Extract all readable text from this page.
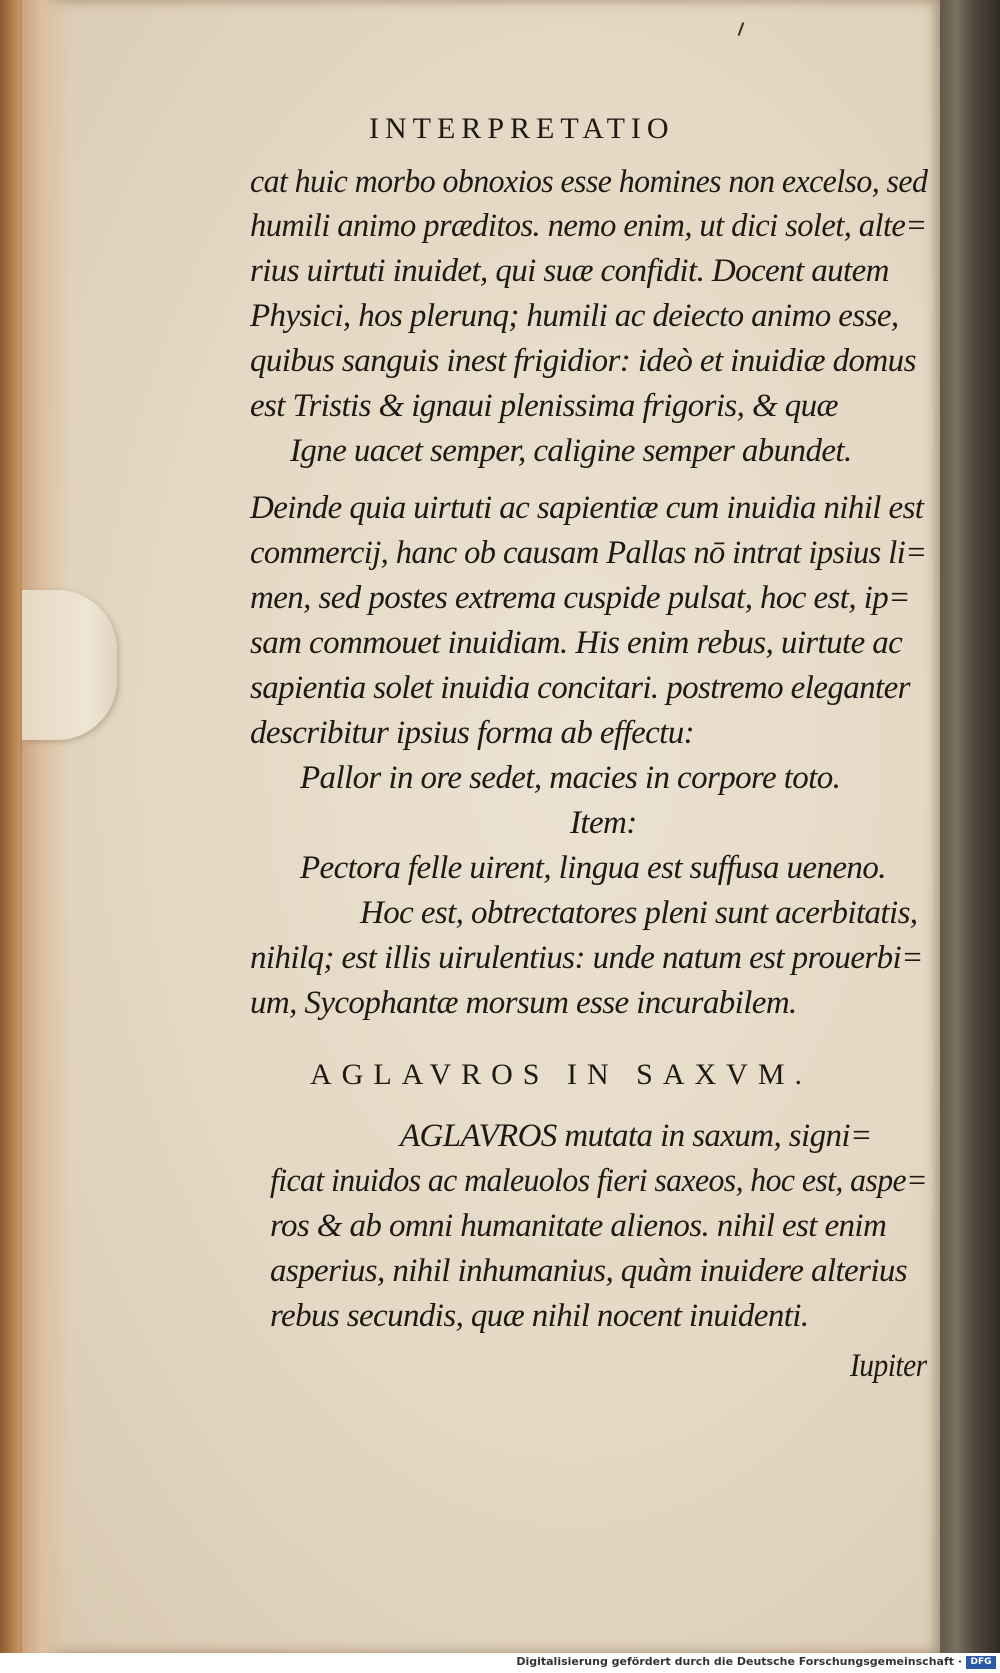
INTERPRETATIO
cat huic morbo obnoxios esse homines non excelso, sed
humili animo præditos. nemo enim, ut dici solet, alte=
rius uirtuti inuidet, qui suæ confidit. Docent autem
Physici, hos plerunq; humili ac deiecto animo esse,
quibus sanguis inest frigidior: ideò et inuidiæ domus
est Tristis & ignaui plenissima frigoris, & quæ
Igne uacet semper, caligine semper abundet.
Deinde quia uirtuti ac sapientiæ cum inuidia nihil est
commercij, hanc ob causam Pallas nō intrat ipsius li=
men, sed postes extrema cuspide pulsat, hoc est, ip=
sam commouet inuidiam. His enim rebus, uirtute ac
sapientia solet inuidia concitari. postremo eleganter
describitur ipsius forma ab effectu:
Pallor in ore sedet, macies in corpore toto.
Item:
Pectora felle uirent, lingua est suffusa ueneno.
Hoc est, obtrectatores pleni sunt acerbitatis,
nihilq; est illis uirulentius: unde natum est prouerbi=
um, Sycophantæ morsum esse incurabilem.
AGLAVROS IN SAXVM.
AGLAVROS mutata in saxum, signi=
ficat inuidos ac maleuolos fieri saxeos, hoc est, aspe=
ros & ab omni humanitate alienos. nihil est enim
asperius, nihil inhumanius, quàm inuidere alterius
rebus secundis, quæ nihil nocent inuidenti.
Iupiter
Digitalisierung gefördert durch die Deutsche Forschungsgemeinschaft · DFG
